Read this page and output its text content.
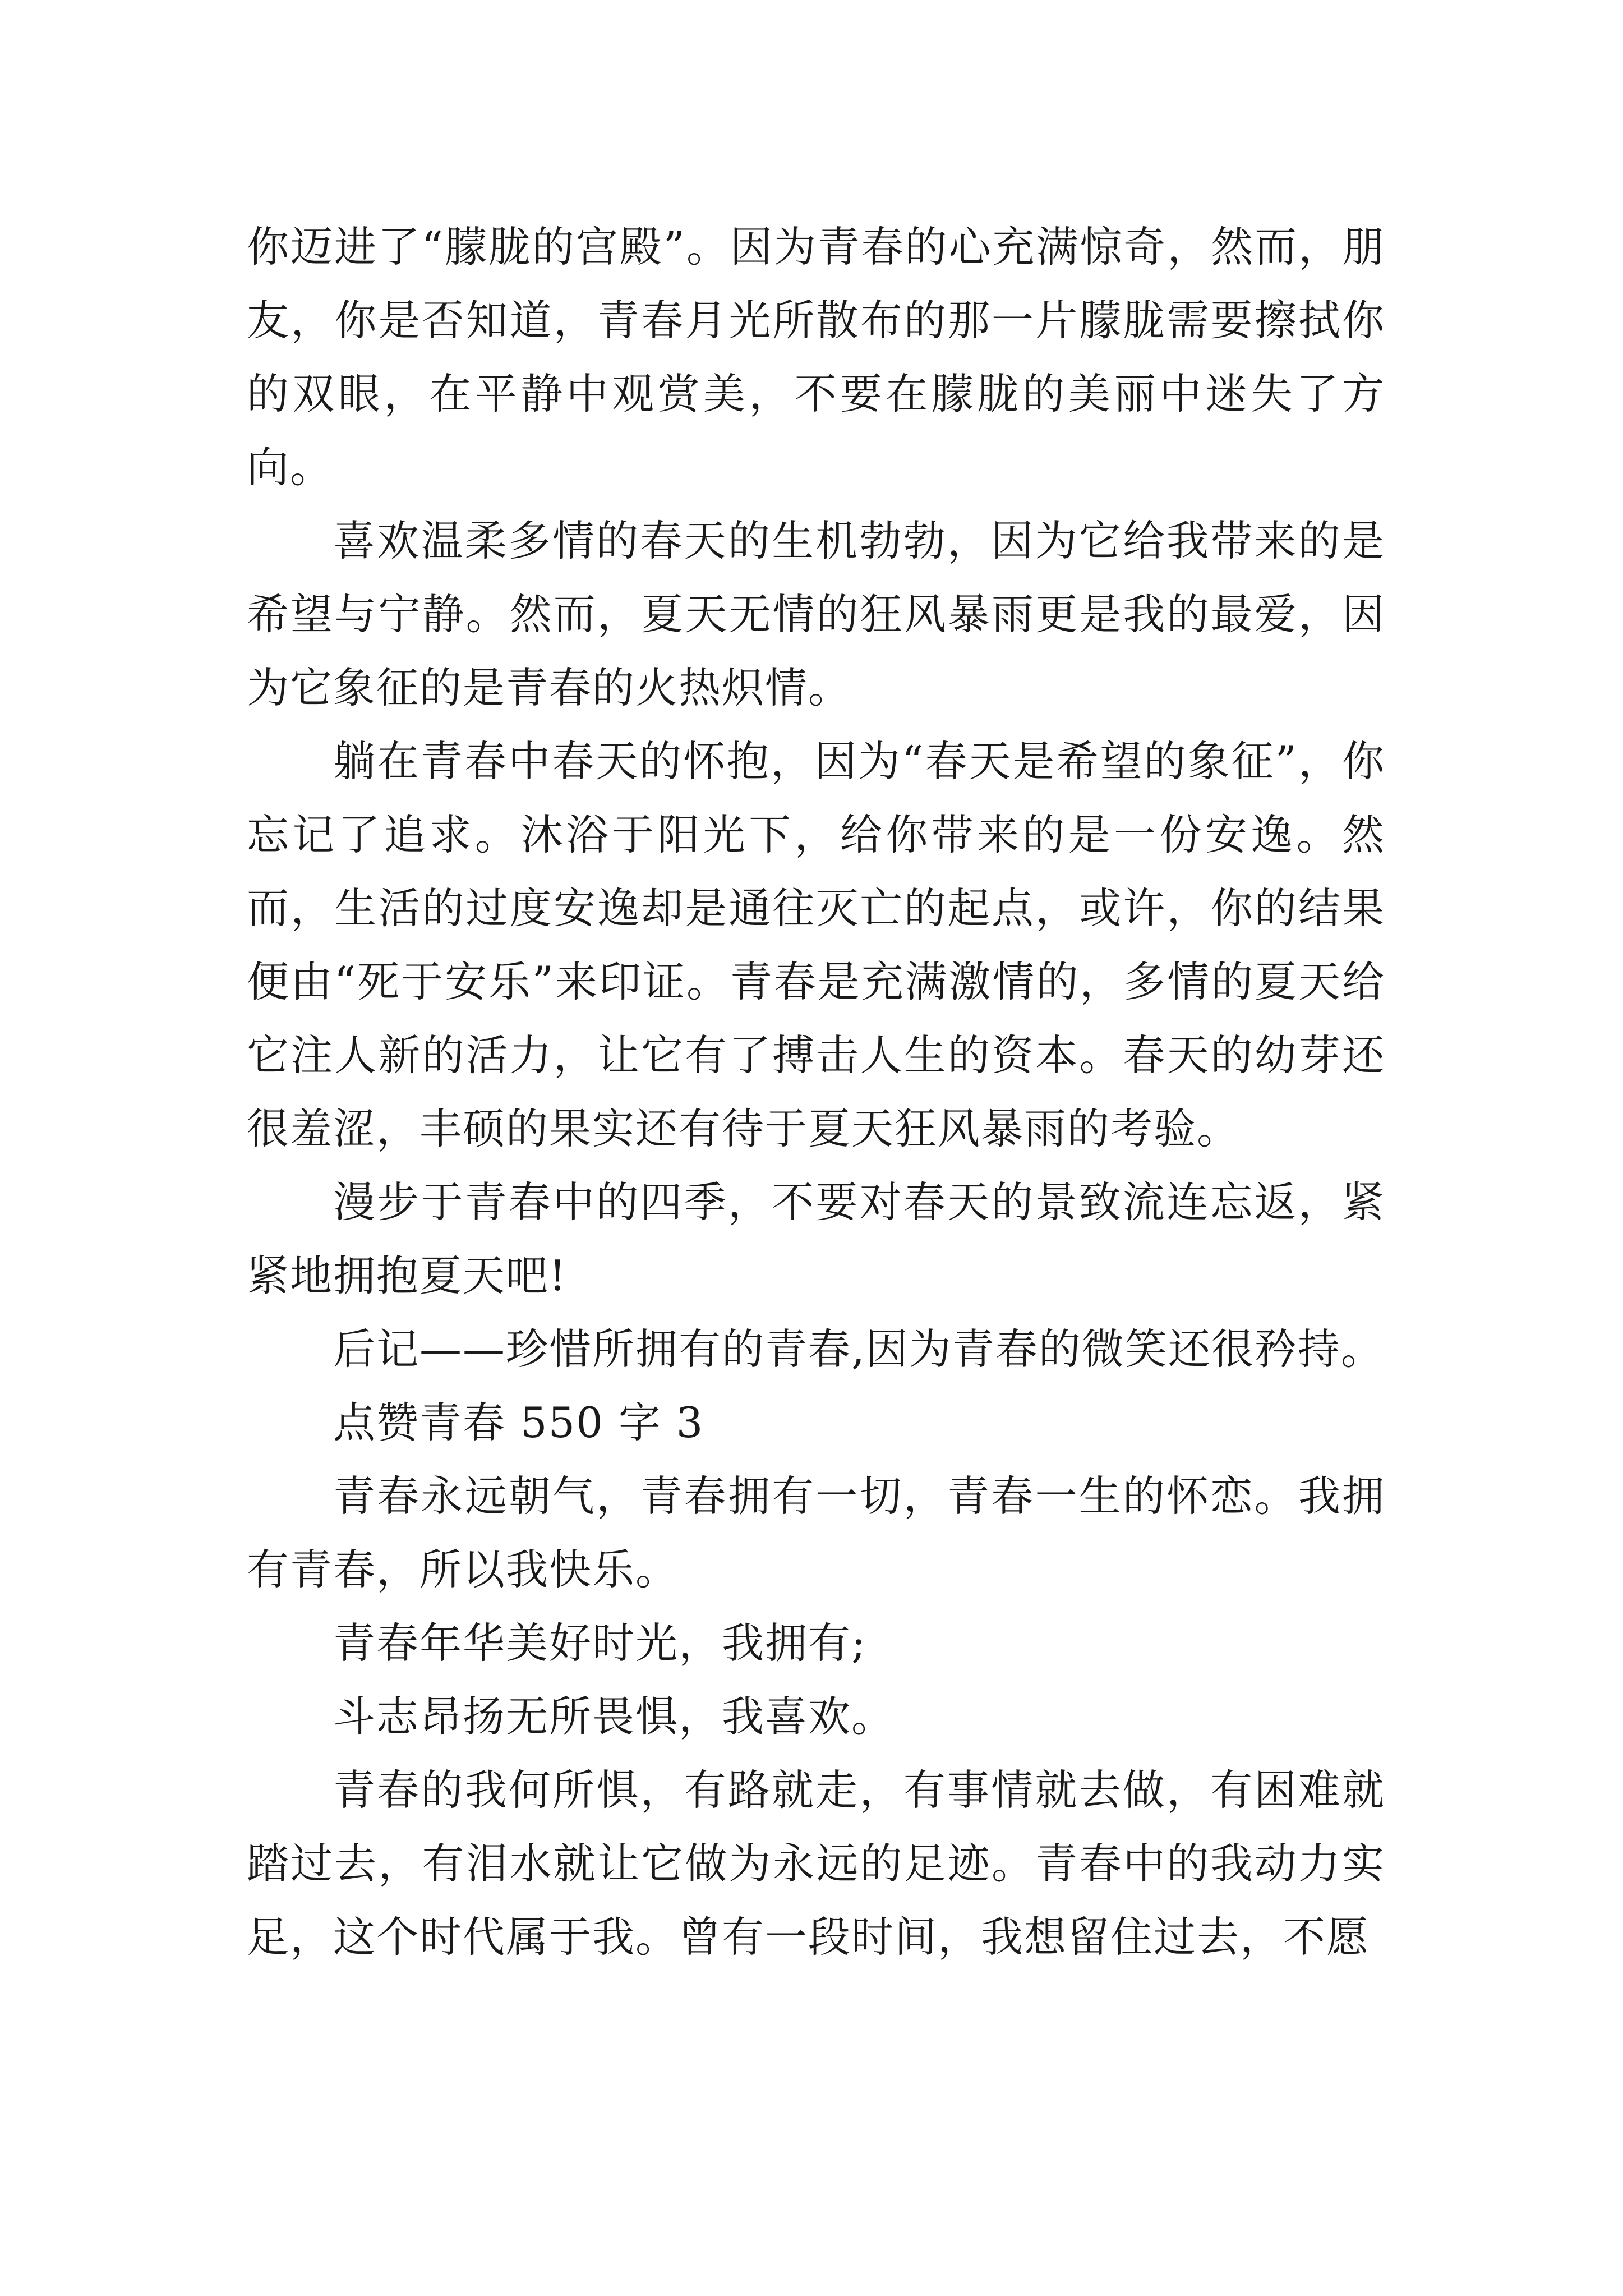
你迈进了“朦胧的宫殿”。因为青春的心充满惊奇，然而，朋友，你是否知道，青春月光所散布的那一片朦胧需要擦拭你的双眼，在平静中观赏美，不要在朦胧的美丽中迷失了方向。

喜欢温柔多情的春天的生机勃勃，因为它给我带来的是希望与宁静。然而，夏天无情的狂风暴雨更是我的最爱，因为它象征的是青春的火热炽情。

躺在青春中春天的怀抱，因为“春天是希望的象征”，你忘记了追求。沐浴于阳光下，给你带来的是一份安逸。然而，生活的过度安逸却是通往灭亡的起点，或许，你的结果便由“死于安乐”来印证。青春是充满激情的，多情的夏天给它注人新的活力，让它有了搏击人生的资本。春天的幼芽还很羞涩，丰硕的果实还有待于夏天狂风暴雨的考验。

漫步于青春中的四季，不要对春天的景致流连忘返，紧紧地拥抱夏天吧!

后记——珍惜所拥有的青春,因为青春的微笑还很矜持。

点赞青春 550 字 3

青春永远朝气，青春拥有一切，青春一生的怀恋。我拥有青春，所以我快乐。

青春年华美好时光，我拥有;

斗志昂扬无所畏惧，我喜欢。

青春的我何所惧，有路就走，有事情就去做，有困难就踏过去，有泪水就让它做为永远的足迹。青春中的我动力实足，这个时代属于我。曾有一段时间，我想留住过去，不愿
